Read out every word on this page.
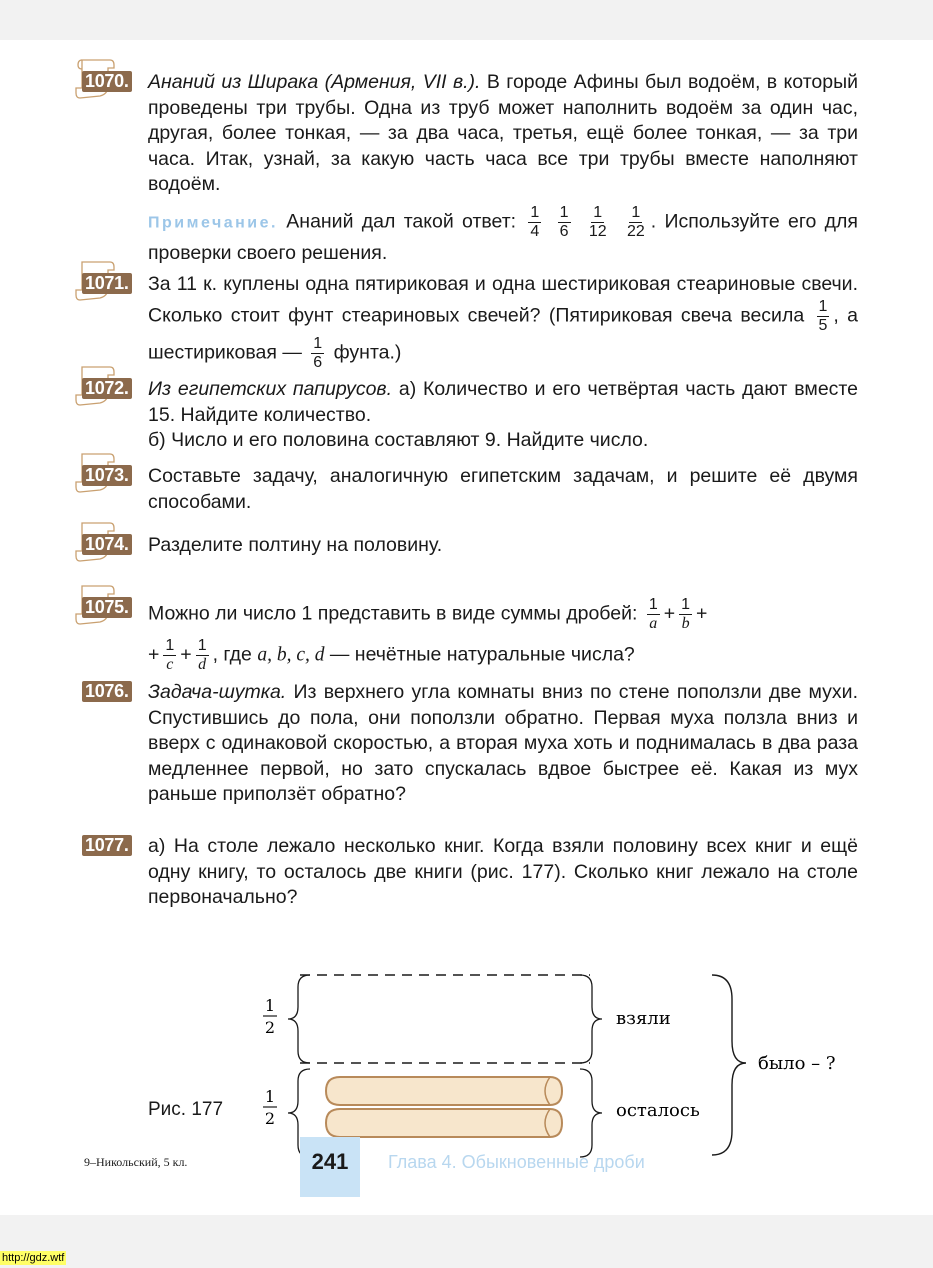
1070. Ананий из Ширака (Армения, VII в.). В городе Афины был водоём, в который проведены три трубы. Одна из труб может наполнить водоём за один час, другая, более тонкая, — за два часа, третья, ещё более тонкая, — за три часа. Итак, узнай, за какую часть часа все три трубы вместе наполняют водоём.

Примечание. Ананий дал такой ответ: $\frac{1}{4}$
$\frac{1}{6}$
$\frac{1}{12}$
$\frac{1}{22}$ . Используйте его для проверки своего решения.

1071. За 11 к. куплены одна пятириковая и одна шестириковая стеариновые свечи. Сколько стоит фунт стеариновых свечей? (Пятириковая свеча весила $\frac{1}{5}$ , а шестириковая — $\frac{1}{6}$ фунта.)

1072. Из египетских папирусов. а) Количество и его четвёртая часть дают вместе 15. Найдите количество.

б) Число и его половина составляют 9. Найдите число.

1073. Составьте задачу, аналогичную египетским задачам, и решите её двумя способами.

1074. Разделите полтину на половину.

1075. Можно ли число 1 представить в виде суммы дробей: $\frac{1}{a} + \frac{1}{b}$ +

+ $\frac{1}{c} + \frac{1}{d}$ , где a, b, c, d — нечётные натуральные числа?

1076. Задача-шутка. Из верхнего угла комнаты вниз по стене поползли две мухи. Спустившись до пола, они поползли обратно. Первая муха ползла вниз и вверх с одинаковой скоростью, а вторая муха хоть и поднималась в два раза медленнее первой, но зато спускалась вдвое быстрее её. Какая из мух раньше приползёт обратно?

1077. а) На столе лежало несколько книг. Когда взяли половину всех книг и ещё одну книгу, то осталось две книги (рис. 177). Сколько книг лежало на столе первоначально?

1
2
1
2
взяли
осталось
было – ?
Рис. 177
9–Никольский, 5 кл.	241	Глава 4. Обыкновенные дроби
http://gdz.wtf
